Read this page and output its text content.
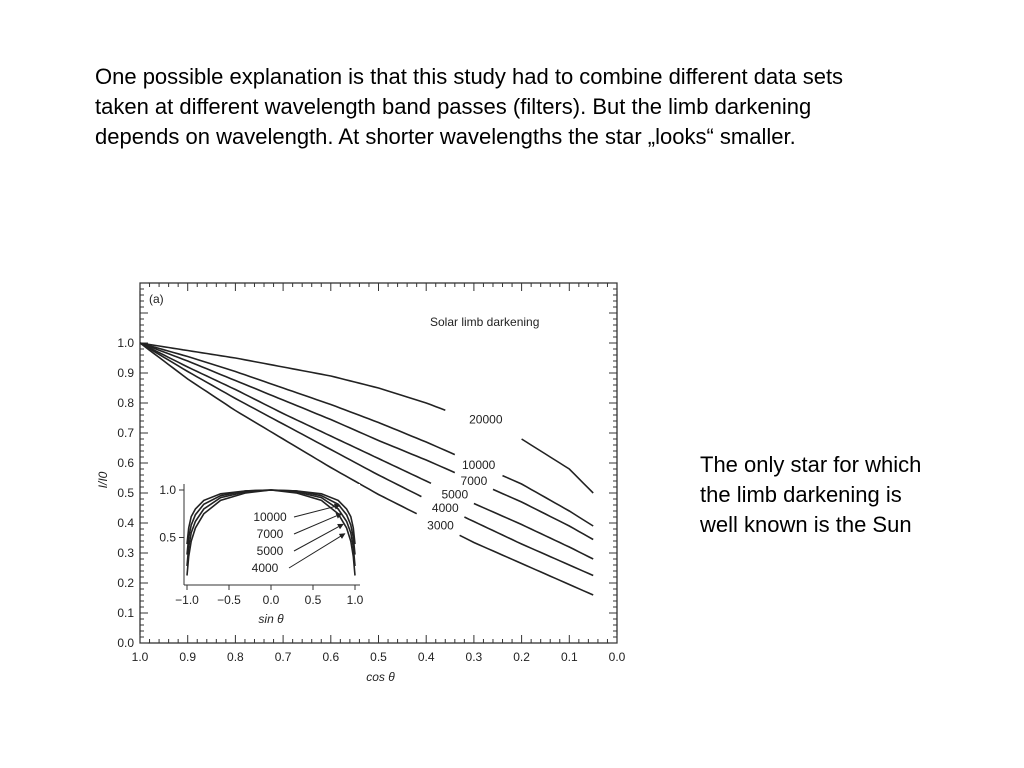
One possible explanation is that this study had to combine different data sets taken at different wavelength band passes (filters). But the limb darkening depends on wavelength. At shorter wavelengths the star „looks“ smaller.

The only star for which the limb darkening is well known is the Sun

1.0	0.9	0.8	0.7	0.6	0.5	0.4	0.3	0.2	0.1	0.0
0.0
0.1
0.2
0.3
0.4
0.5
0.6
0.7
0.8
0.9
1.0
cos θ
I/I0
(a)
Solar limb darkening
20000
10000
7000
5000
4000
3000
−1.0 −0.5 0.0 0.5 1.0
0.5
1.0
sin θ
10000
7000
5000
4000
